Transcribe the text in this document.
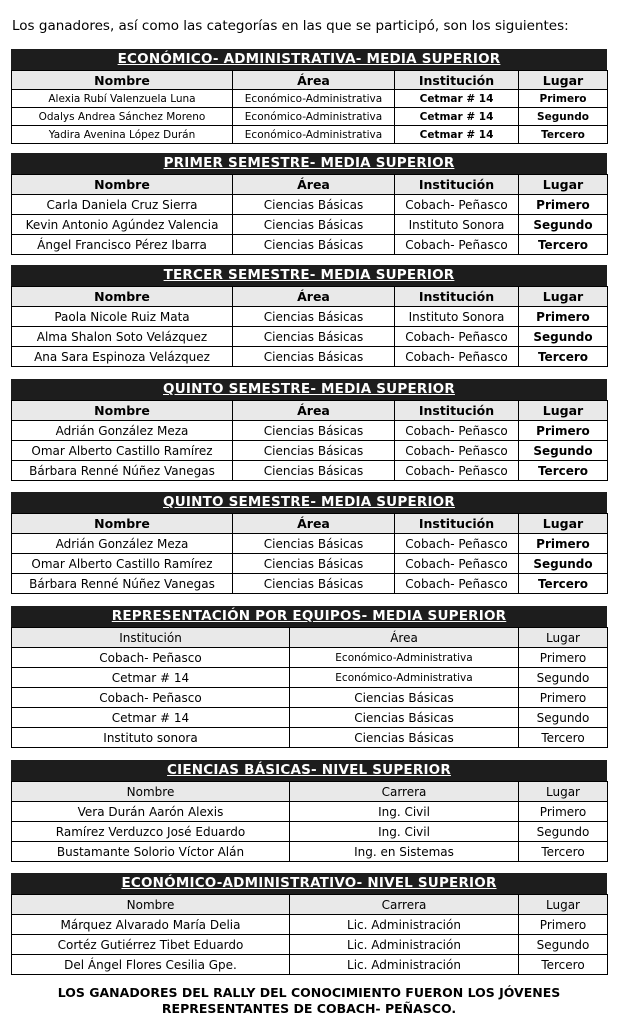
Los ganadores, así como las categorías en las que se participó, son los siguientes:
ECONÓMICO- ADMINISTRATIVA- MEDIA SUPERIOR
Nombre	Área	Institución	Lugar
Alexia Rubí Valenzuela Luna	Económico-Administrativa	Cetmar # 14	Primero
Odalys Andrea Sánchez Moreno	Económico-Administrativa	Cetmar # 14	Segundo
Yadira Avenina López Durán	Económico-Administrativa	Cetmar # 14	Tercero
PRIMER SEMESTRE- MEDIA SUPERIOR
Nombre	Área	Institución	Lugar
Carla Daniela Cruz Sierra	Ciencias Básicas	Cobach- Peñasco	Primero
Kevin Antonio Agúndez Valencia	Ciencias Básicas	Instituto Sonora	Segundo
Ángel Francisco Pérez Ibarra	Ciencias Básicas	Cobach- Peñasco	Tercero
TERCER SEMESTRE- MEDIA SUPERIOR
Nombre	Área	Institución	Lugar
Paola Nicole Ruiz Mata	Ciencias Básicas	Instituto Sonora	Primero
Alma Shalon Soto Velázquez	Ciencias Básicas	Cobach- Peñasco	Segundo
Ana Sara Espinoza Velázquez	Ciencias Básicas	Cobach- Peñasco	Tercero
QUINTO SEMESTRE- MEDIA SUPERIOR
Nombre	Área	Institución	Lugar
Adrián González Meza	Ciencias Básicas	Cobach- Peñasco	Primero
Omar Alberto Castillo Ramírez	Ciencias Básicas	Cobach- Peñasco	Segundo
Bárbara Renné Núñez Vanegas	Ciencias Básicas	Cobach- Peñasco	Tercero
QUINTO SEMESTRE- MEDIA SUPERIOR
Nombre	Área	Institución	Lugar
Adrián González Meza	Ciencias Básicas	Cobach- Peñasco	Primero
Omar Alberto Castillo Ramírez	Ciencias Básicas	Cobach- Peñasco	Segundo
Bárbara Renné Núñez Vanegas	Ciencias Básicas	Cobach- Peñasco	Tercero
REPRESENTACIÓN POR EQUIPOS- MEDIA SUPERIOR
Institución	Área	Lugar
Cobach- Peñasco	Económico-Administrativa	Primero
Cetmar # 14	Económico-Administrativa	Segundo
Cobach- Peñasco	Ciencias Básicas	Primero
Cetmar # 14	Ciencias Básicas	Segundo
Instituto sonora	Ciencias Básicas	Tercero
CIENCIAS BÁSICAS- NIVEL SUPERIOR
Nombre	Carrera	Lugar
Vera Durán Aarón Alexis	Ing. Civil	Primero
Ramírez Verduzco José Eduardo	Ing. Civil	Segundo
Bustamante Solorio Víctor Alán	Ing. en Sistemas	Tercero
ECONÓMICO-ADMINISTRATIVO- NIVEL SUPERIOR
Nombre	Carrera	Lugar
Márquez Alvarado María Delia	Lic. Administración	Primero
Cortéz Gutiérrez Tibet Eduardo	Lic. Administración	Segundo
Del Ángel Flores Cesilia Gpe.	Lic. Administración	Tercero
LOS GANADORES DEL RALLY DEL CONOCIMIENTO FUERON LOS JÓVENES
REPRESENTANTES DE COBACH- PEÑASCO.
